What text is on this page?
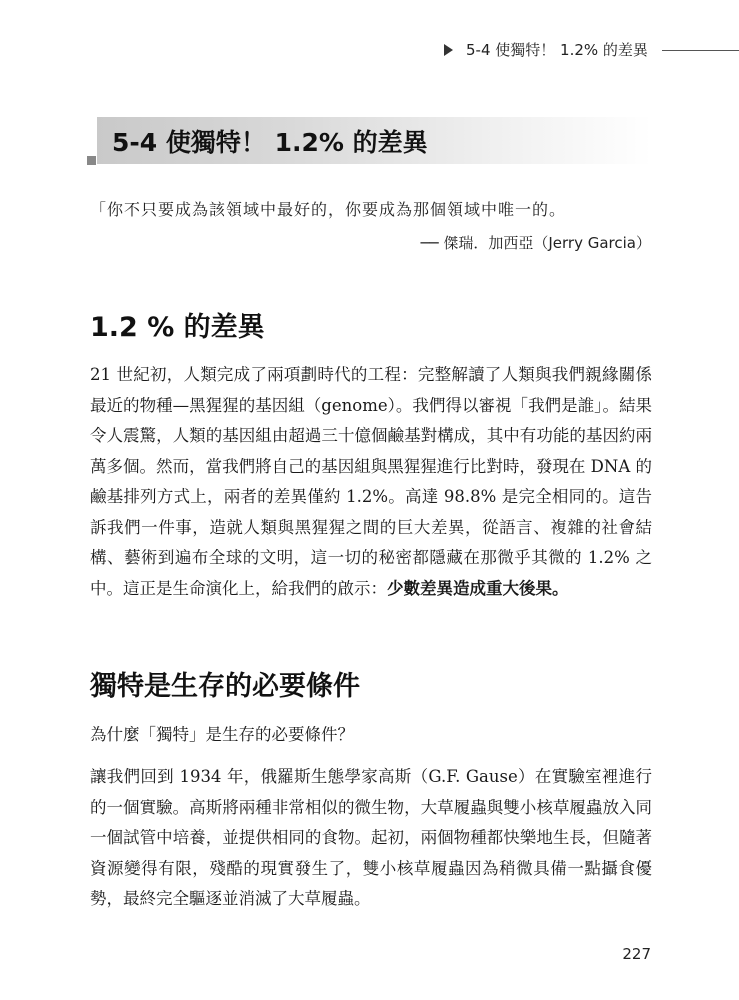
5-4 使獨特！ 1.2% 的差異
5-4 使獨特！ 1.2% 的差異
「你不只要成為該領域中最好的，你要成為那個領域中唯一的。
── 傑瑞．加西亞（Jerry Garcia）
1.2 % 的差異
21 世紀初，人類完成了兩項劃時代的工程：完整解讀了人類與我們親緣關係最近的物種—黑猩猩的基因組（genome）。我們得以審視「我們是誰」。結果令人震驚，人類的基因組由超過三十億個鹼基對構成，其中有功能的基因約兩萬多個。然而，當我們將自己的基因組與黑猩猩進行比對時，發現在 DNA 的鹼基排列方式上，兩者的差異僅約 1.2%。高達 98.8% 是完全相同的。這告訴我們一件事，造就人類與黑猩猩之間的巨大差異，從語言、複雜的社會結構、藝術到遍布全球的文明，這一切的秘密都隱藏在那微乎其微的 1.2% 之中。這正是生命演化上，給我們的啟示：少數差異造成重大後果。
獨特是生存的必要條件
為什麼「獨特」是生存的必要條件？
讓我們回到 1934 年，俄羅斯生態學家高斯（G.F. Gause）在實驗室裡進行的一個實驗。高斯將兩種非常相似的微生物，大草履蟲與雙小核草履蟲放入同一個試管中培養，並提供相同的食物。起初，兩個物種都快樂地生長，但隨著資源變得有限，殘酷的現實發生了，雙小核草履蟲因為稍微具備一點攝食優勢，最終完全驅逐並消滅了大草履蟲。
227
